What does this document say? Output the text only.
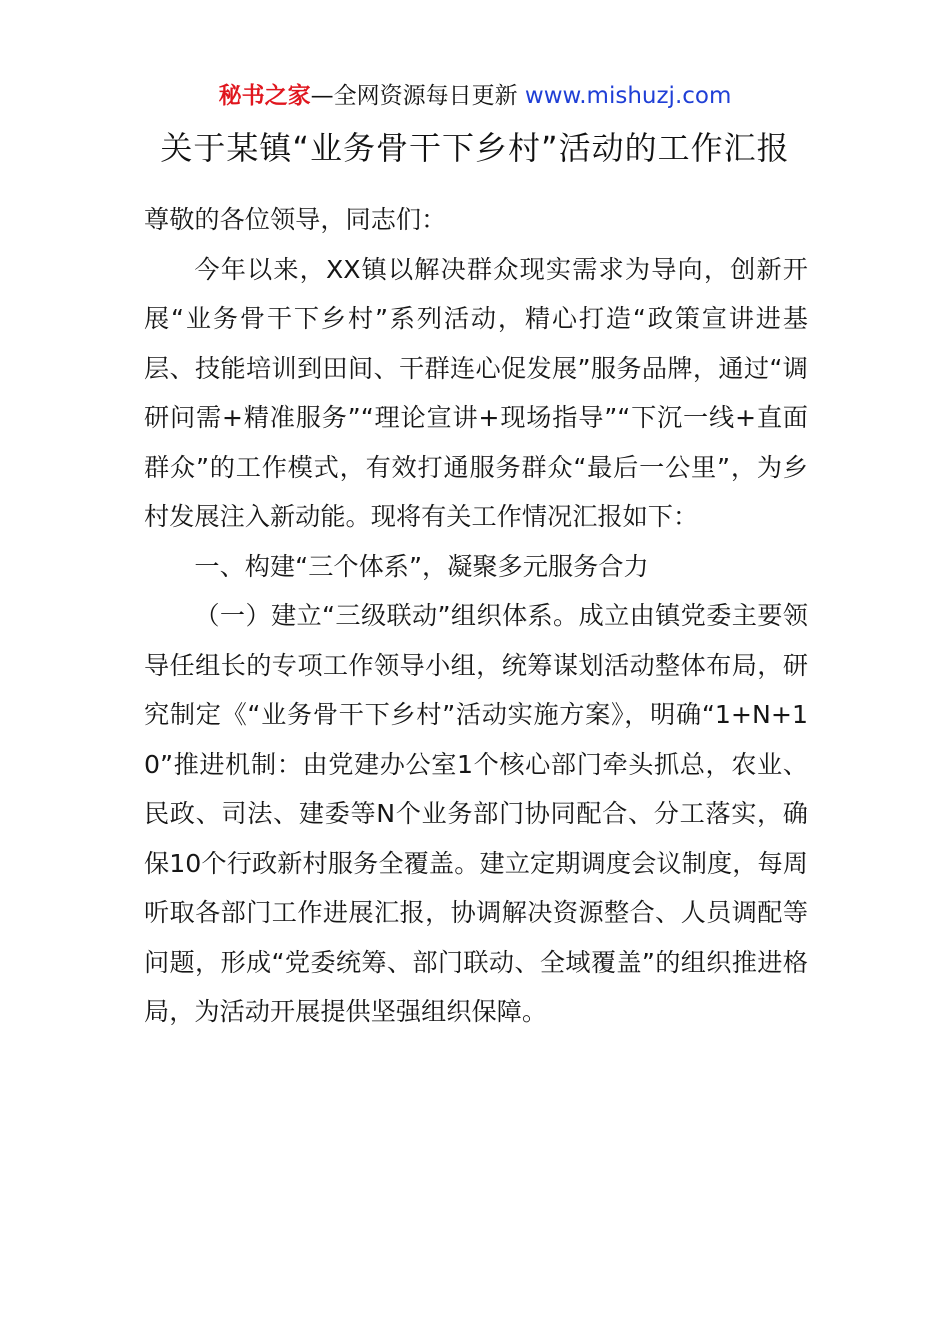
秘书之家—全网资源每日更新 www.mishuzj.com
关于某镇“业务骨干下乡村”活动的工作汇报

尊敬的各位领导，同志们：

今年以来，XX镇以解决群众现实需求为导向，创新开展“业务骨干下乡村”系列活动，精心打造“政策宣讲进基层、技能培训到田间、干群连心促发展”服务品牌，通过“调研问需+精准服务”“理论宣讲+现场指导”“下沉一线+直面群众”的工作模式，有效打通服务群众“最后一公里”，为乡村发展注入新动能。现将有关工作情况汇报如下：

一、构建“三个体系”，凝聚多元服务合力

（一）建立“三级联动”组织体系。成立由镇党委主要领导任组长的专项工作领导小组，统筹谋划活动整体布局，研究制定《“业务骨干下乡村”活动实施方案》，明确“1+N+10”推进机制：由党建办公室1个核心部门牵头抓总，农业、民政、司法、建委等N个业务部门协同配合、分工落实，确保10个行政新村服务全覆盖。建立定期调度会议制度，每周听取各部门工作进展汇报，协调解决资源整合、人员调配等问题，形成“党委统筹、部门联动、全域覆盖”的组织推进格局，为活动开展提供坚强组织保障。
